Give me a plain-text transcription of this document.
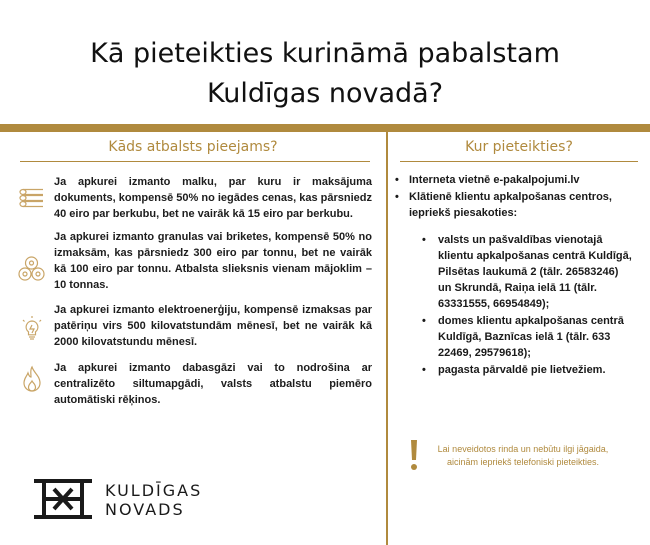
Kā pieteikties kurināmā pabalstam
Kuldīgas novadā?
Kāds atbalsts pieejams?	Kur pieteikties?
Ja apkurei izmanto malku, par kuru ir maksājuma dokuments, kompensē 50% no iegādes cenas, kas pārsniedz 40 eiro par berkubu, bet ne vairāk kā 15 eiro par berkubu.
Ja apkurei izmanto granulas vai briketes, kompensē 50% no izmaksām, kas pārsniedz 300 eiro par tonnu, bet ne vairāk kā 100 eiro par tonnu. Atbalsta slieksnis vienam mājoklim – 10 tonnas.
Ja apkurei izmanto elektroenerģiju, kompensē izmaksas par patēriņu virs 500 kilovatstundām mēnesī, bet ne vairāk kā 2000 kilovatstundu mēnesī.
Ja apkurei izmanto dabasgāzi vai to nodrošina ar centralizēto siltumapgādi, valsts atbalstu piemēro automātiski rēķinos.
• Interneta vietnē e-pakalpojumi.lv
• Klātienē klientu apkalpošanas centros, iepriekš piesakoties:
•	valsts un pašvaldības vienotajā klientu apkalpošanas centrā Kuldīgā, Pilsētas laukumā 2 (tālr. 26583246) un Skrundā, Raiņa ielā 11 (tālr. 63331555, 66954849);
•	domes klientu apkalpošanas centrā Kuldīgā, Baznīcas ielā 1 (tālr. 633 22469, 29579618);
•	pagasta pārvaldē pie lietvežiem.
Lai neveidotos rinda un nebūtu ilgi jāgaida, aicinām iepriekš telefoniski pieteikties.
KULDĪGAS
NOVADS
